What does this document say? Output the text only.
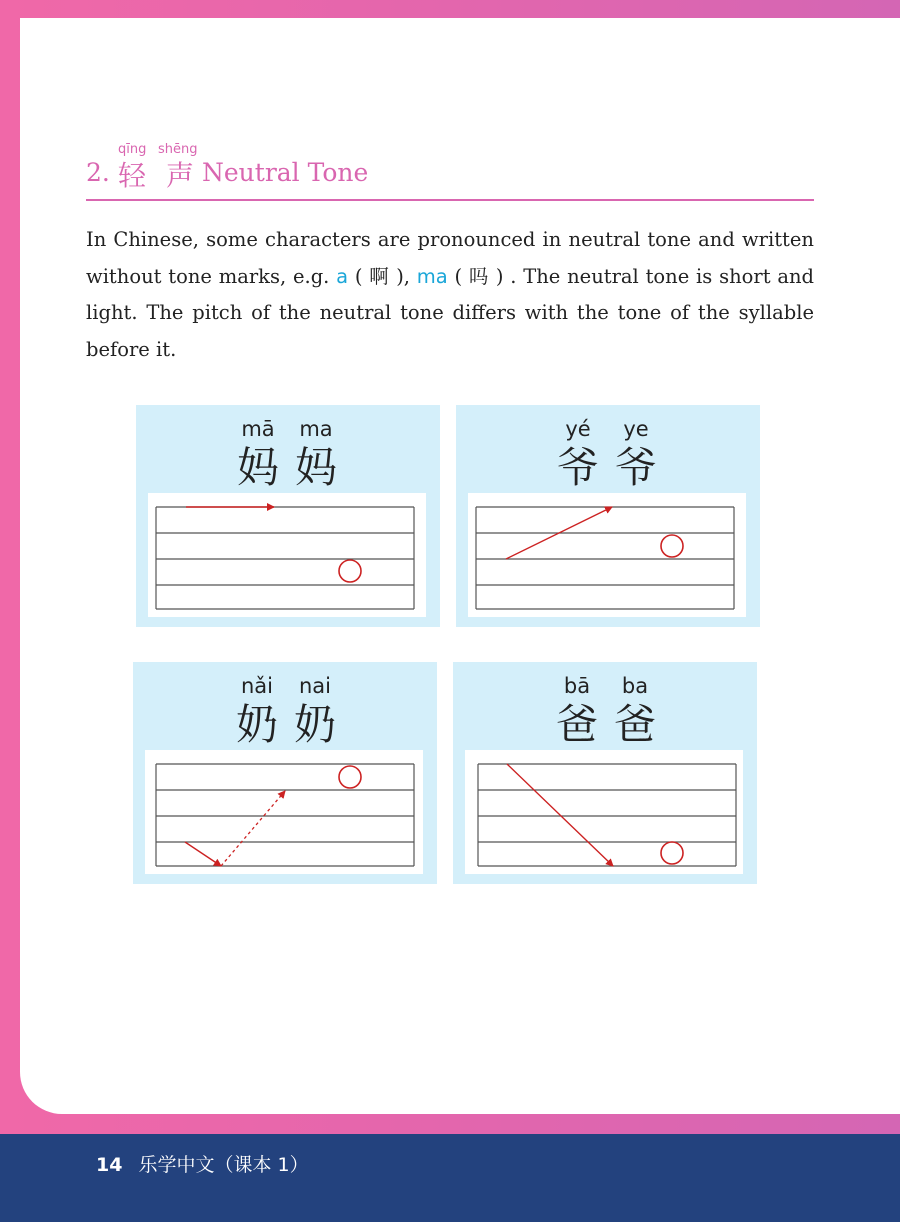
2.
qīng
轻
shēng
声 Neutral Tone

In Chinese, some characters are pronounced in neutral tone and written without tone marks, e.g. a ( 啊 ), ma ( 吗 ) . The neutral tone is short and light. The pitch of the neutral tone differs with the tone of the syllable before it.

mā ma
妈 妈
yé ye
爷 爷
nǎi nai
奶 奶
bā ba
爸 爸
14 乐学中文（课本 1）
